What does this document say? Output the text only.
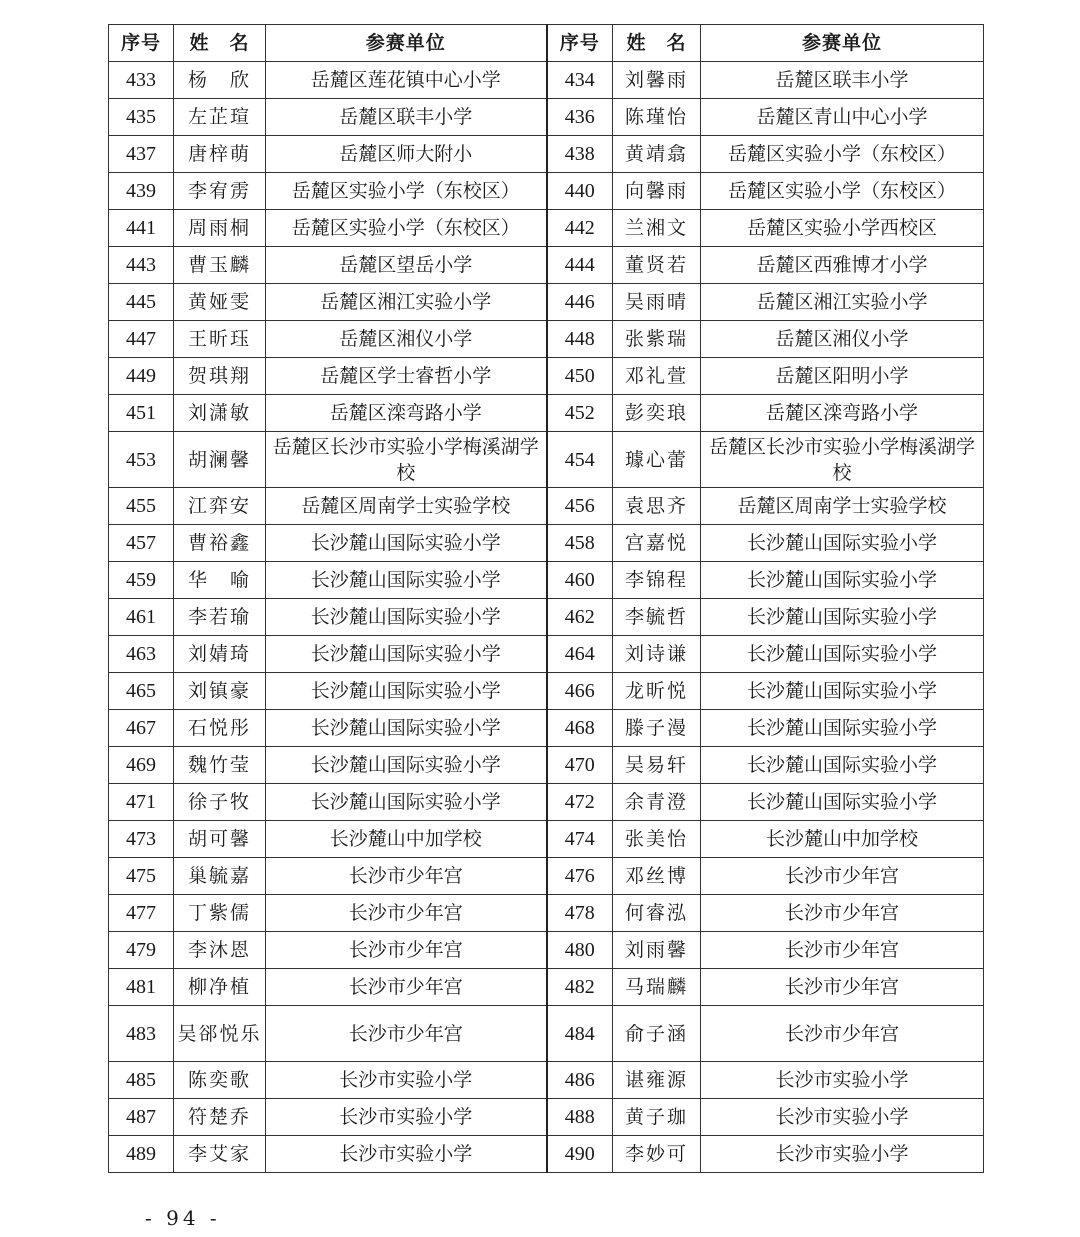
序号	姓　名	参赛单位	序号	姓　名	参赛单位
433	杨　欣	岳麓区莲花镇中心小学	434	刘馨雨	岳麓区联丰小学
435	左芷瑄	岳麓区联丰小学	436	陈瑾怡	岳麓区青山中心小学
437	唐梓萌	岳麓区师大附小	438	黄靖翕	岳麓区实验小学（东校区）
439	李宥雳	岳麓区实验小学（东校区）	440	向馨雨	岳麓区实验小学（东校区）
441	周雨桐	岳麓区实验小学（东校区）	442	兰湘文	岳麓区实验小学西校区
443	曹玉麟	岳麓区望岳小学	444	董贤若	岳麓区西雅博才小学
445	黄娅雯	岳麓区湘江实验小学	446	吴雨晴	岳麓区湘江实验小学
447	王昕珏	岳麓区湘仪小学	448	张紫瑞	岳麓区湘仪小学
449	贺琪翔	岳麓区学士睿哲小学	450	邓礼萱	岳麓区阳明小学
451	刘潇敏	岳麓区滦弯路小学	452	彭奕琅	岳麓区滦弯路小学
453	胡澜馨	岳麓区长沙市实验小学梅溪湖学校	454	璩心蕾	岳麓区长沙市实验小学梅溪湖学校
455	江弈安	岳麓区周南学士实验学校	456	袁思齐	岳麓区周南学士实验学校
457	曹裕鑫	长沙麓山国际实验小学	458	宫嘉悦	长沙麓山国际实验小学
459	华　喻	长沙麓山国际实验小学	460	李锦程	长沙麓山国际实验小学
461	李若瑜	长沙麓山国际实验小学	462	李毓哲	长沙麓山国际实验小学
463	刘婧琦	长沙麓山国际实验小学	464	刘诗谦	长沙麓山国际实验小学
465	刘镇豪	长沙麓山国际实验小学	466	龙昕悦	长沙麓山国际实验小学
467	石悦彤	长沙麓山国际实验小学	468	滕子漫	长沙麓山国际实验小学
469	魏竹莹	长沙麓山国际实验小学	470	吴易轩	长沙麓山国际实验小学
471	徐子牧	长沙麓山国际实验小学	472	余青澄	长沙麓山国际实验小学
473	胡可馨	长沙麓山中加学校	474	张美怡	长沙麓山中加学校
475	巢毓嘉	长沙市少年宫	476	邓丝博	长沙市少年宫
477	丁紫儒	长沙市少年宫	478	何睿泓	长沙市少年宫
479	李沐恩	长沙市少年宫	480	刘雨馨	长沙市少年宫
481	柳净植	长沙市少年宫	482	马瑞麟	长沙市少年宫
483	吴郤悦乐	长沙市少年宫	484	俞子涵	长沙市少年宫
485	陈奕歌	长沙市实验小学	486	谌雍源	长沙市实验小学
487	符楚乔	长沙市实验小学	488	黄子珈	长沙市实验小学
489	李艾家	长沙市实验小学	490	李妙可	长沙市实验小学
- 94 -
